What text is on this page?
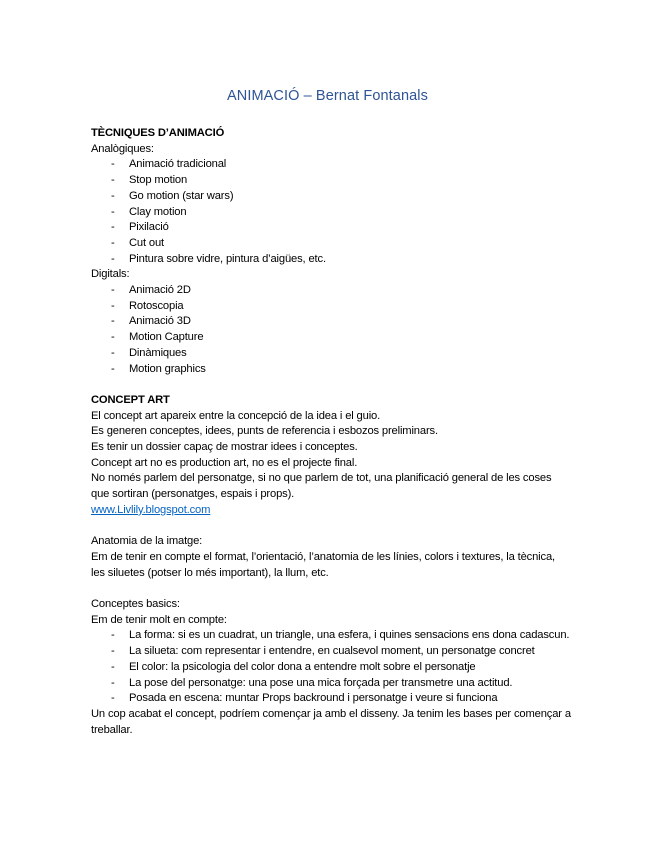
ANIMACIÓ – Bernat Fontanals
TÈCNIQUES D’ANIMACIÓ
Analògiques:
- Animació tradicional
- Stop motion
- Go motion (star wars)
- Clay motion
- Pixilació
- Cut out
- Pintura sobre vidre, pintura d’aigües, etc.
Digitals:
- Animació 2D
- Rotoscopia
- Animació 3D
- Motion Capture
- Dinàmiques
- Motion graphics
CONCEPT ART
El concept art apareix entre la concepció de la idea i el guio.
Es generen conceptes, idees, punts de referencia i esbozos preliminars.
Es tenir un dossier capaç de mostrar idees i conceptes.
Concept art no es production art, no es el projecte final.
No només parlem del personatge, si no que parlem de tot, una planificació general de les coses que sortiran (personatges, espais i props).
www.Livlily.blogspot.com
Anatomia de la imatge:
Em de tenir en compte el format, l’orientació, l’anatomia de les línies, colors i textures, la tècnica, les siluetes (potser lo més important), la llum, etc.
Conceptes basics:
Em de tenir molt en compte:
- La forma: si es un cuadrat, un triangle, una esfera, i quines sensacions ens dona cadascun.
- La silueta: com representar i entendre, en cualsevol moment, un personatge concret
- El color: la psicologia del color dona a entendre molt sobre el personatje
- La pose del personatge: una pose una mica forçada per transmetre una actitud.
- Posada en escena: muntar Props backround i personatge i veure si funciona
Un cop acabat el concept, podríem començar ja amb el disseny. Ja tenim les bases per començar a treballar.
